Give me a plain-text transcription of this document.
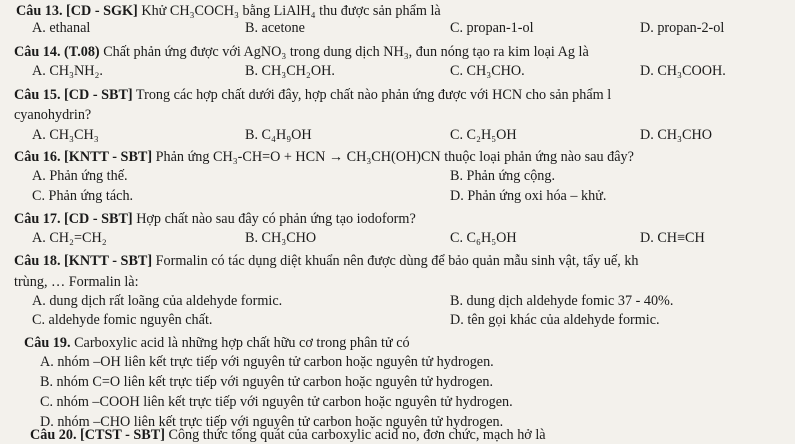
Câu 13. [CD - SGK] Khử CH₃COCH₃ bằng LiAlH₄ thu được sản phẩm là
A. ethanal	B. acetone	C. propan-1-ol	D. propan-2-ol
Câu 14. (T.08) Chất phản ứng được với AgNO₃ trong dung dịch NH₃, đun nóng tạo ra kim loại Ag là
A. CH₃NH₂.	B. CH₃CH₂OH.	C. CH₃CHO.	D. CH₃COOH.
Câu 15. [CD - SBT] Trong các hợp chất dưới đây, hợp chất nào phản ứng được với HCN cho sản phẩm l
cyanohydrin?
A. CH₃CH₃	B. C₄H₉OH	C. C₂H₅OH	D. CH₃CHO
Câu 16. [KNTT - SBT] Phản ứng CH₃-CH=O + HCN → CH₃CH(OH)CN thuộc loại phản ứng nào sau đây?
A. Phản ứng thế.	B. Phản ứng cộng.
C. Phản ứng tách.	D. Phản ứng oxi hóa – khử.
Câu 17. [CD - SBT] Hợp chất nào sau đây có phản ứng tạo iodoform?
A. CH₂=CH₂	B. CH₃CHO	C. C₆H₅OH	D. CH≡CH
Câu 18. [KNTT - SBT] Formalin có tác dụng diệt khuẩn nên được dùng để bảo quản mẫu sinh vật, tẩy uế, kh
trùng, … Formalin là:
A. dung dịch rất loãng của aldehyde formic.	B. dung dịch aldehyde fomic 37 - 40%.
C. aldehyde fomic nguyên chất.	D. tên gọi khác của aldehyde formic.
Câu 19. Carboxylic acid là những hợp chất hữu cơ trong phân tử có
A. nhóm –OH liên kết trực tiếp với nguyên tử carbon hoặc nguyên tử hydrogen.
B. nhóm C=O liên kết trực tiếp với nguyên tử carbon hoặc nguyên tử hydrogen.
C. nhóm –COOH liên kết trực tiếp với nguyên tử carbon hoặc nguyên tử hydrogen.
D. nhóm –CHO liên kết trực tiếp với nguyên tử carbon hoặc nguyên tử hydrogen.
Câu 20. [CTST - SBT] Công thức tổng quát của carboxylic acid no, đơn chức, mạch hở là
